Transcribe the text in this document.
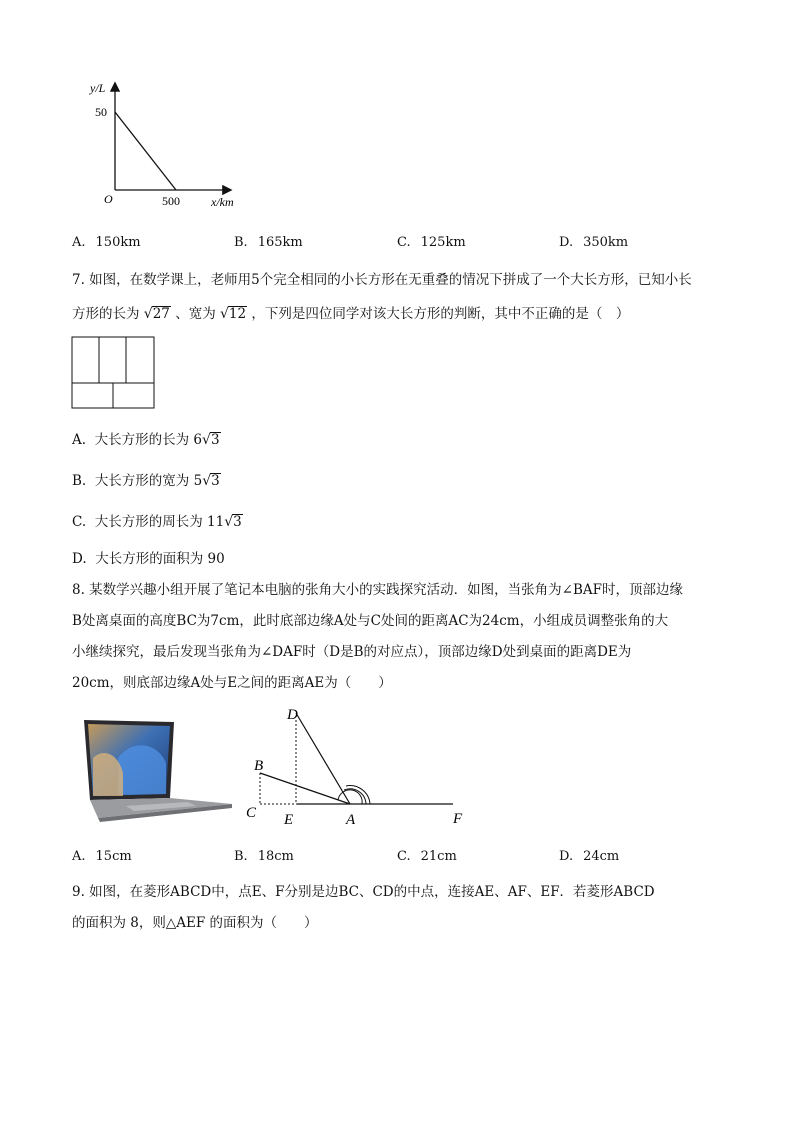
y/L
50
O	500	x/km
A. 150km	B. 165km	C. 125km	D. 350km
7. 如图，在数学课上，老师用5个完全相同的小长方形在无重叠的情况下拼成了一个大长方形，已知小长
方形的长为 √27 、宽为 √12 ，下列是四位同学对该大长方形的判断，其中不正确的是（　）
A. 大长方形的长为 6√3
B. 大长方形的宽为 5√3
C. 大长方形的周长为 11√3
D. 大长方形的面积为 90
8. 某数学兴趣小组开展了笔记本电脑的张角大小的实践探究活动．如图，当张角为∠BAF时，顶部边缘
B处离桌面的高度BC为7cm，此时底部边缘A处与C处间的距离AC为24cm，小组成员调整张角的大
小继续探究，最后发现当张角为∠DAF时（D是B的对应点），顶部边缘D处到桌面的距离DE为
20cm，则底部边缘A处与E之间的距离AE为（　　）
D
B
C E	A	F
A. 15cm	B. 18cm	C. 21cm	D. 24cm
9. 如图，在菱形ABCD中，点E、F分别是边BC、CD的中点，连接AE、AF、EF．若菱形ABCD
的面积为 8，则△AEF 的面积为（　　）
